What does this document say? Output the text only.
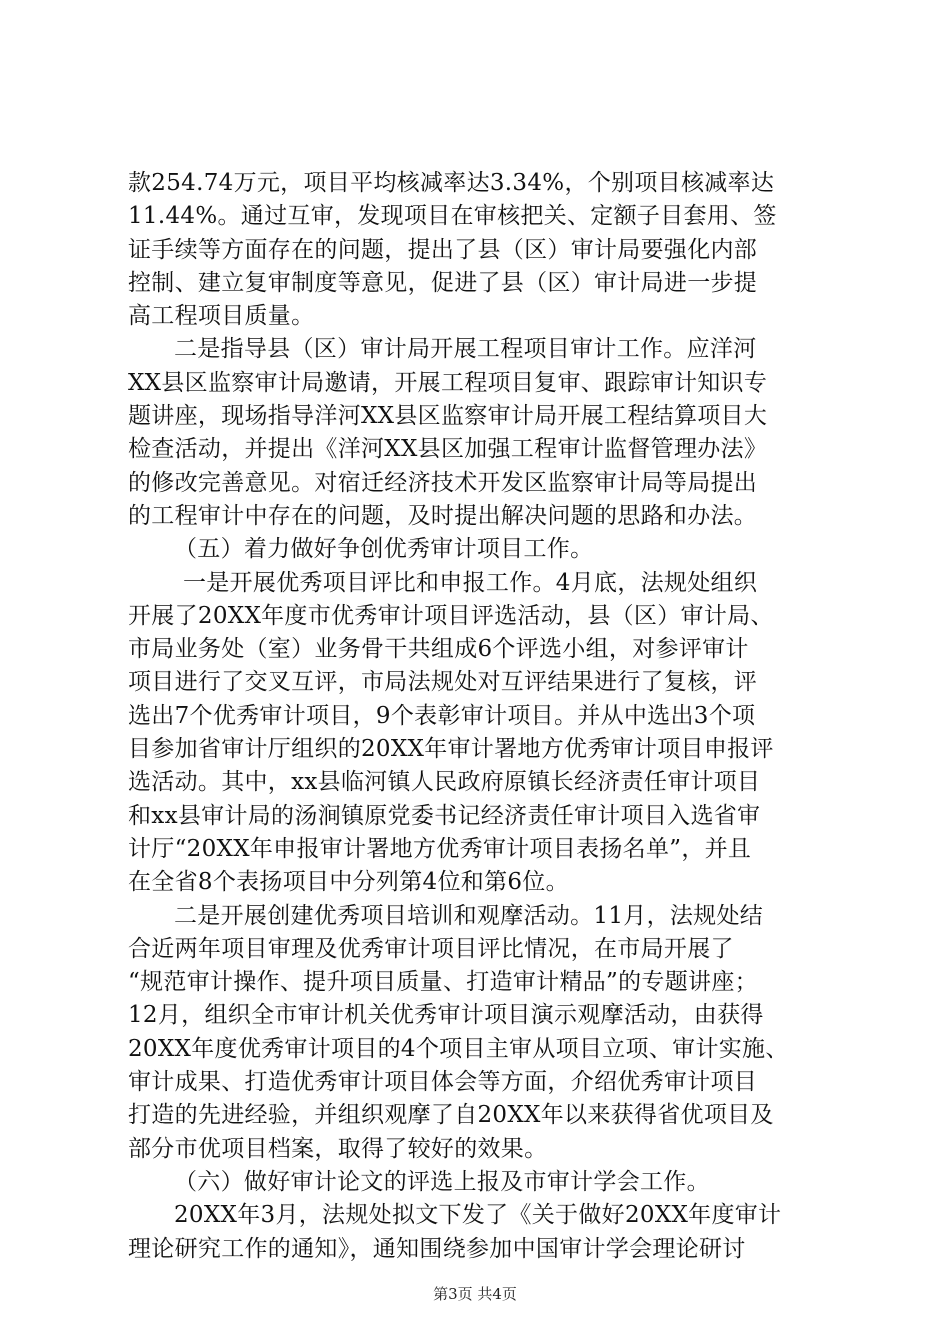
款254.74万元，项目平均核减率达3.34%，个别项目核减率达
11.44%。通过互审，发现项目在审核把关、定额子目套用、签
证手续等方面存在的问题，提出了县（区）审计局要强化内部
控制、建立复审制度等意见，促进了县（区）审计局进一步提
高工程项目质量。
二是指导县（区）审计局开展工程项目审计工作。应洋河
XX县区监察审计局邀请，开展工程项目复审、跟踪审计知识专
题讲座，现场指导洋河XX县区监察审计局开展工程结算项目大
检查活动，并提出《洋河XX县区加强工程审计监督管理办法》
的修改完善意见。对宿迁经济技术开发区监察审计局等局提出
的工程审计中存在的问题，及时提出解决问题的思路和办法。
（五）着力做好争创优秀审计项目工作。
一是开展优秀项目评比和申报工作。4月底，法规处组织
开展了20XX年度市优秀审计项目评选活动，县（区）审计局、
市局业务处（室）业务骨干共组成6个评选小组，对参评审计
项目进行了交叉互评，市局法规处对互评结果进行了复核，评
选出7个优秀审计项目，9个表彰审计项目。并从中选出3个项
目参加省审计厅组织的20XX年审计署地方优秀审计项目申报评
选活动。其中，xx县临河镇人民政府原镇长经济责任审计项目
和xx县审计局的汤涧镇原党委书记经济责任审计项目入选省审
计厅“20XX年申报审计署地方优秀审计项目表扬名单”，并且
在全省8个表扬项目中分列第4位和第6位。
二是开展创建优秀项目培训和观摩活动。11月，法规处结
合近两年项目审理及优秀审计项目评比情况，在市局开展了
“规范审计操作、提升项目质量、打造审计精品”的专题讲座；
12月，组织全市审计机关优秀审计项目演示观摩活动，由获得
20XX年度优秀审计项目的4个项目主审从项目立项、审计实施、
审计成果、打造优秀审计项目体会等方面，介绍优秀审计项目
打造的先进经验，并组织观摩了自20XX年以来获得省优项目及
部分市优项目档案，取得了较好的效果。
（六）做好审计论文的评选上报及市审计学会工作。
20XX年3月，法规处拟文下发了《关于做好20XX年度审计
理论研究工作的通知》，通知围绕参加中国审计学会理论研讨
第3页 共4页
